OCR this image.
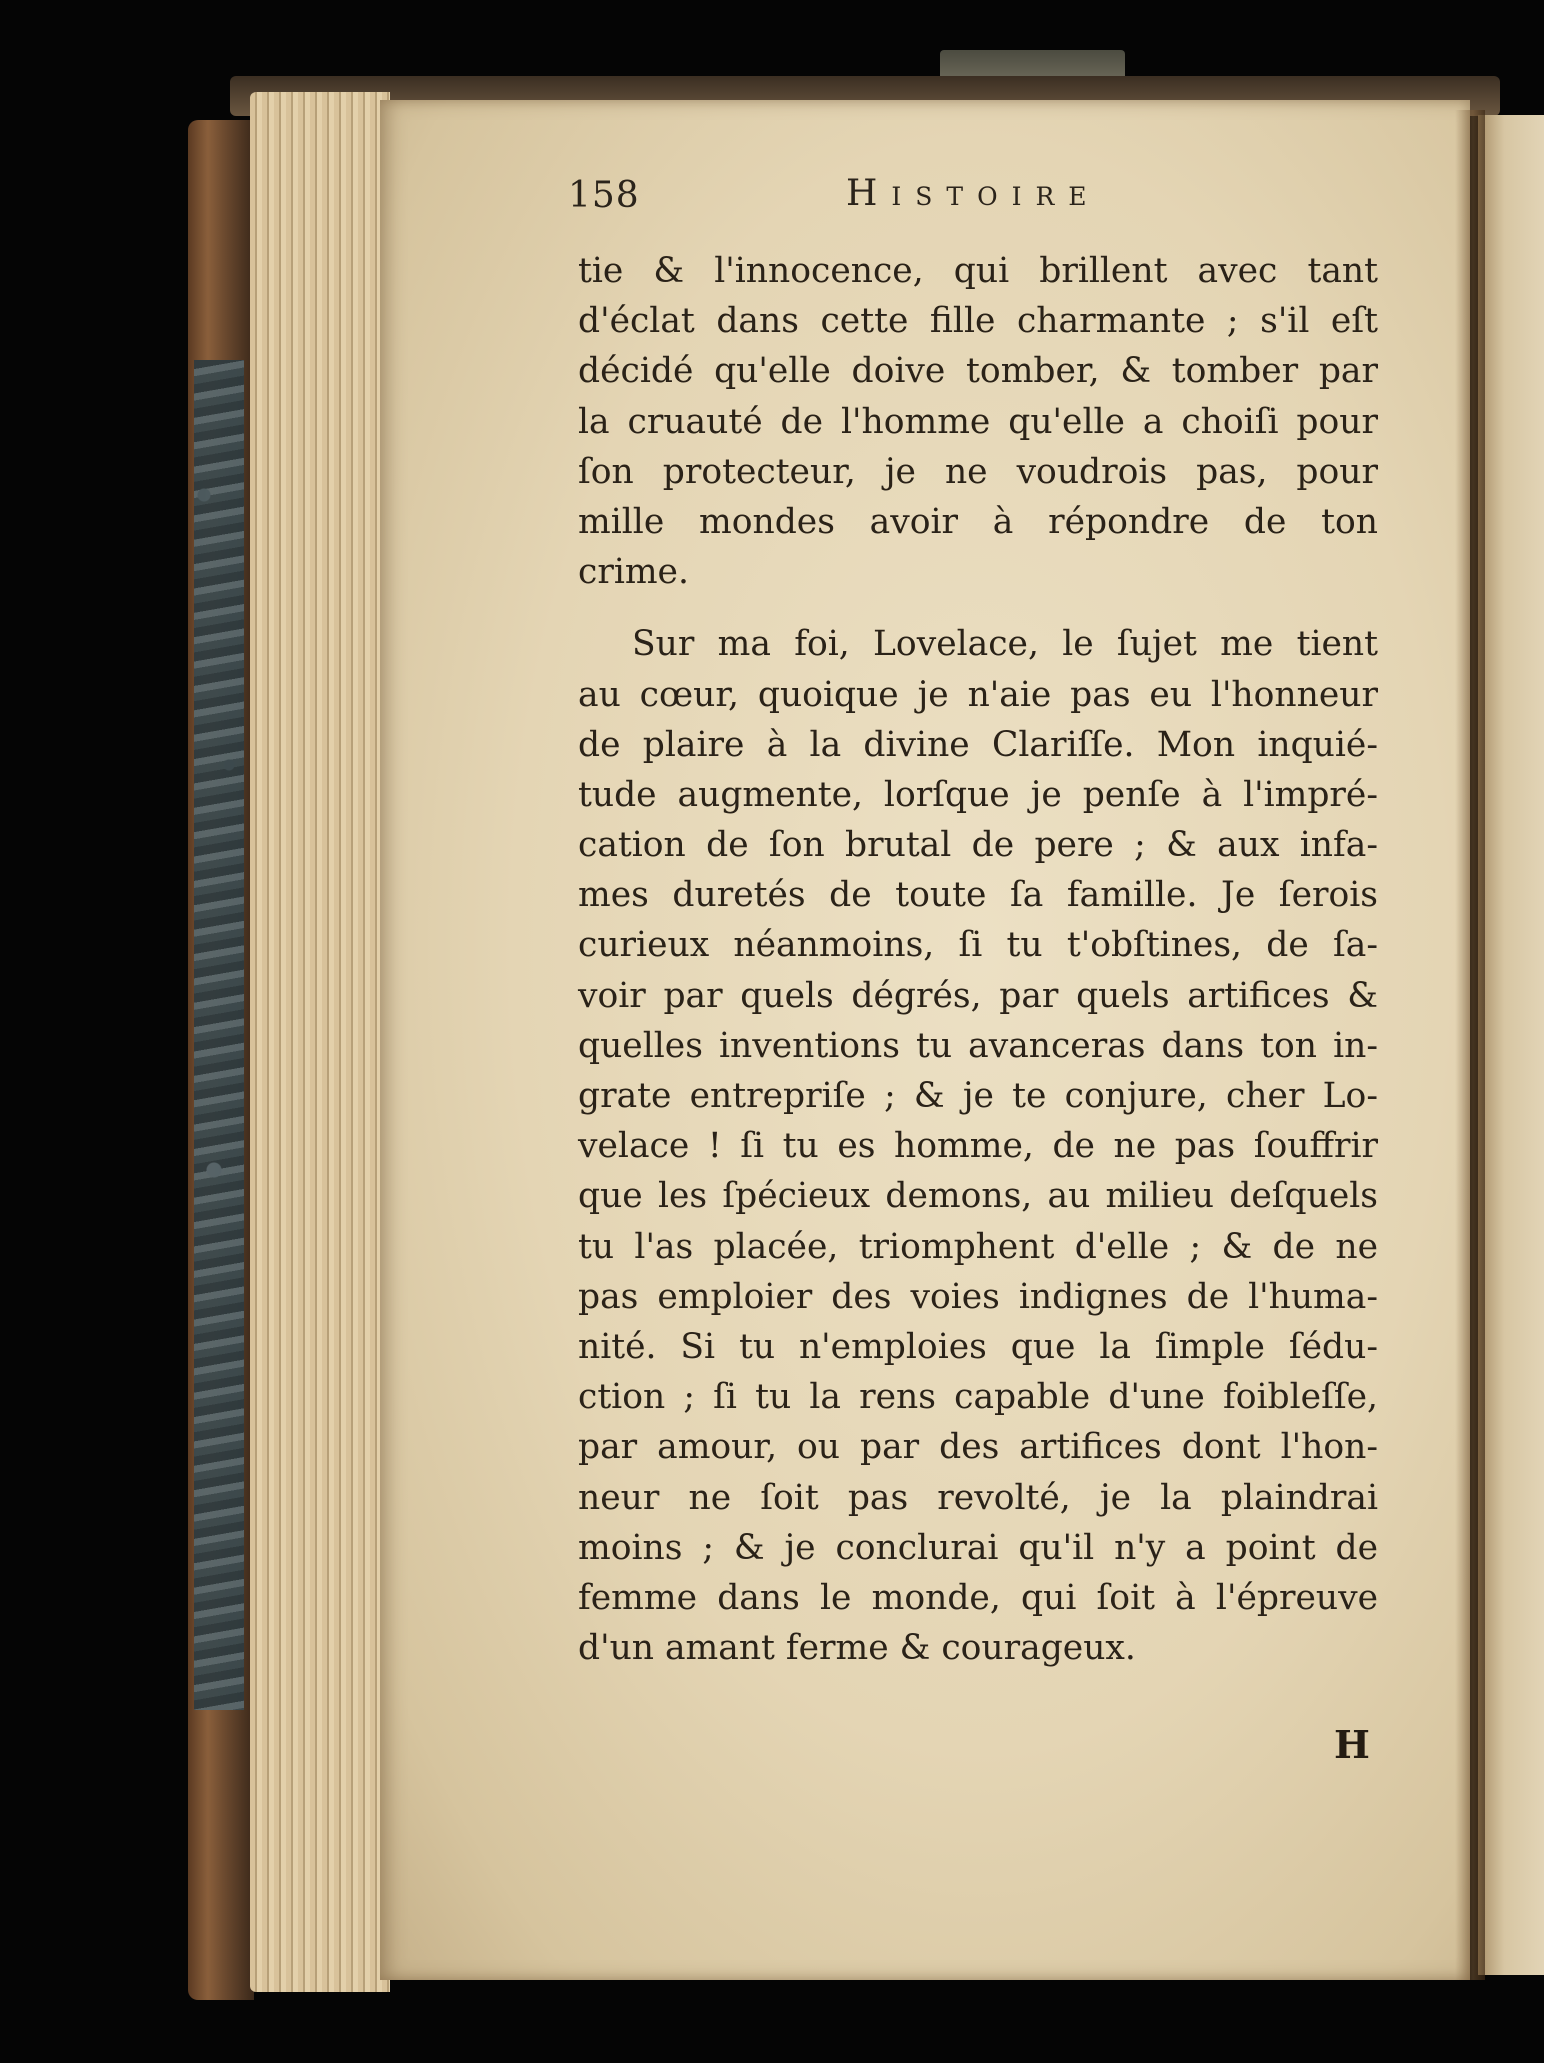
158	Histoire
tie & l'innocence, qui brillent avec tant
d'éclat dans cette fille charmante ; s'il eſt
décidé qu'elle doive tomber, & tomber par
la cruauté de l'homme qu'elle a choiſi pour
ſon protecteur, je ne voudrois pas, pour
mille mondes avoir à répondre de ton
crime.
Sur ma foi, Lovelace, le ſujet me tient
au cœur, quoique je n'aie pas eu l'honneur
de plaire à la divine Clariſſe. Mon inquié-
tude augmente, lorſque je penſe à l'impré-
cation de ſon brutal de pere ; & aux infa-
mes duretés de toute ſa famille. Je ſerois
curieux néanmoins, ſi tu t'obſtines, de ſa-
voir par quels dégrés, par quels artifices &
quelles inventions tu avanceras dans ton in-
grate entrepriſe ; & je te conjure, cher Lo-
velace ! ſi tu es homme, de ne pas ſouffrir
que les ſpécieux demons, au milieu deſquels
tu l'as placée, triomphent d'elle ; & de ne
pas emploier des voies indignes de l'huma-
nité. Si tu n'emploies que la ſimple ſédu-
ction ; ſi tu la rens capable d'une foibleſſe,
par amour, ou par des artifices dont l'hon-
neur ne ſoit pas revolté, je la plaindrai
moins ; & je conclurai qu'il n'y a point de
femme dans le monde, qui ſoit à l'épreuve
d'un amant ferme & courageux.
H
